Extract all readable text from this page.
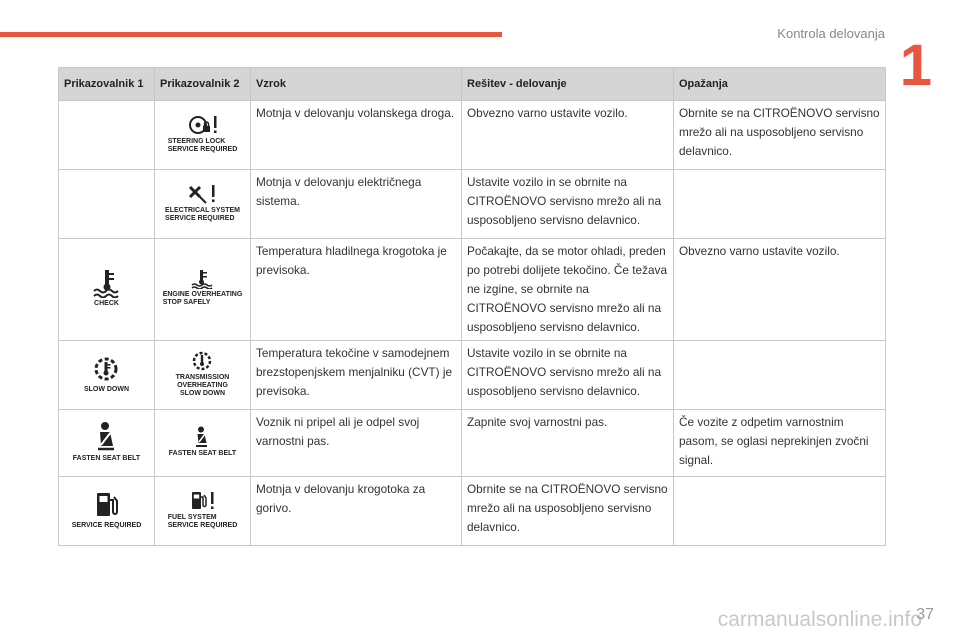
Kontrola delovanja 1
carmanualsonline.info
37
Prikazovalnik 1	Prikazovalnik 2	Vzrok	Rešitev - delovanje	Opažanja

	STEERING LOCK
SERVICE REQUIRED	Motnja v delovanju volanskega droga.	Obvezno varno ustavite vozilo.	Obrnite se na CITROËNOVO servisno mrežo ali na usposobljeno servisno delavnico.

	ELECTRICAL SYSTEM
SERVICE REQUIRED	Motnja v delovanju električnega sistema.	Ustavite vozilo in se obrnite na CITROËNOVO servisno mrežo ali na usposobljeno servisno delavnico.	

CHECK	ENGINE OVERHEATING
STOP SAFELY	Temperatura hladilnega krogotoka je previsoka.	Počakajte, da se motor ohladi, preden po potrebi dolijete tekočino. Če težava ne izgine, se obrnite na CITROËNOVO servisno mrežo ali na usposobljeno servisno delavnico.	Obvezno varno ustavite vozilo.

SLOW DOWN	TRANSMISSION
OVERHEATING
SLOW DOWN	Temperatura tekočine v samodejnem brezstopenjskem menjalniku (CVT) je previsoka.	Ustavite vozilo in se obrnite na CITROËNOVO servisno mrežo ali na usposobljeno servisno delavnico.	

FASTEN SEAT BELT	FASTEN SEAT BELT	Voznik ni pripel ali je odpel svoj varnostni pas.	Zapnite svoj varnostni pas.	Če vozite z odpetim varnostnim pasom, se oglasi neprekinjen zvočni signal.

SERVICE REQUIRED	FUEL SYSTEM
SERVICE REQUIRED	Motnja v delovanju krogotoka za gorivo.	Obrnite se na CITROËNOVO servisno mrežo ali na usposobljeno servisno delavnico.	
